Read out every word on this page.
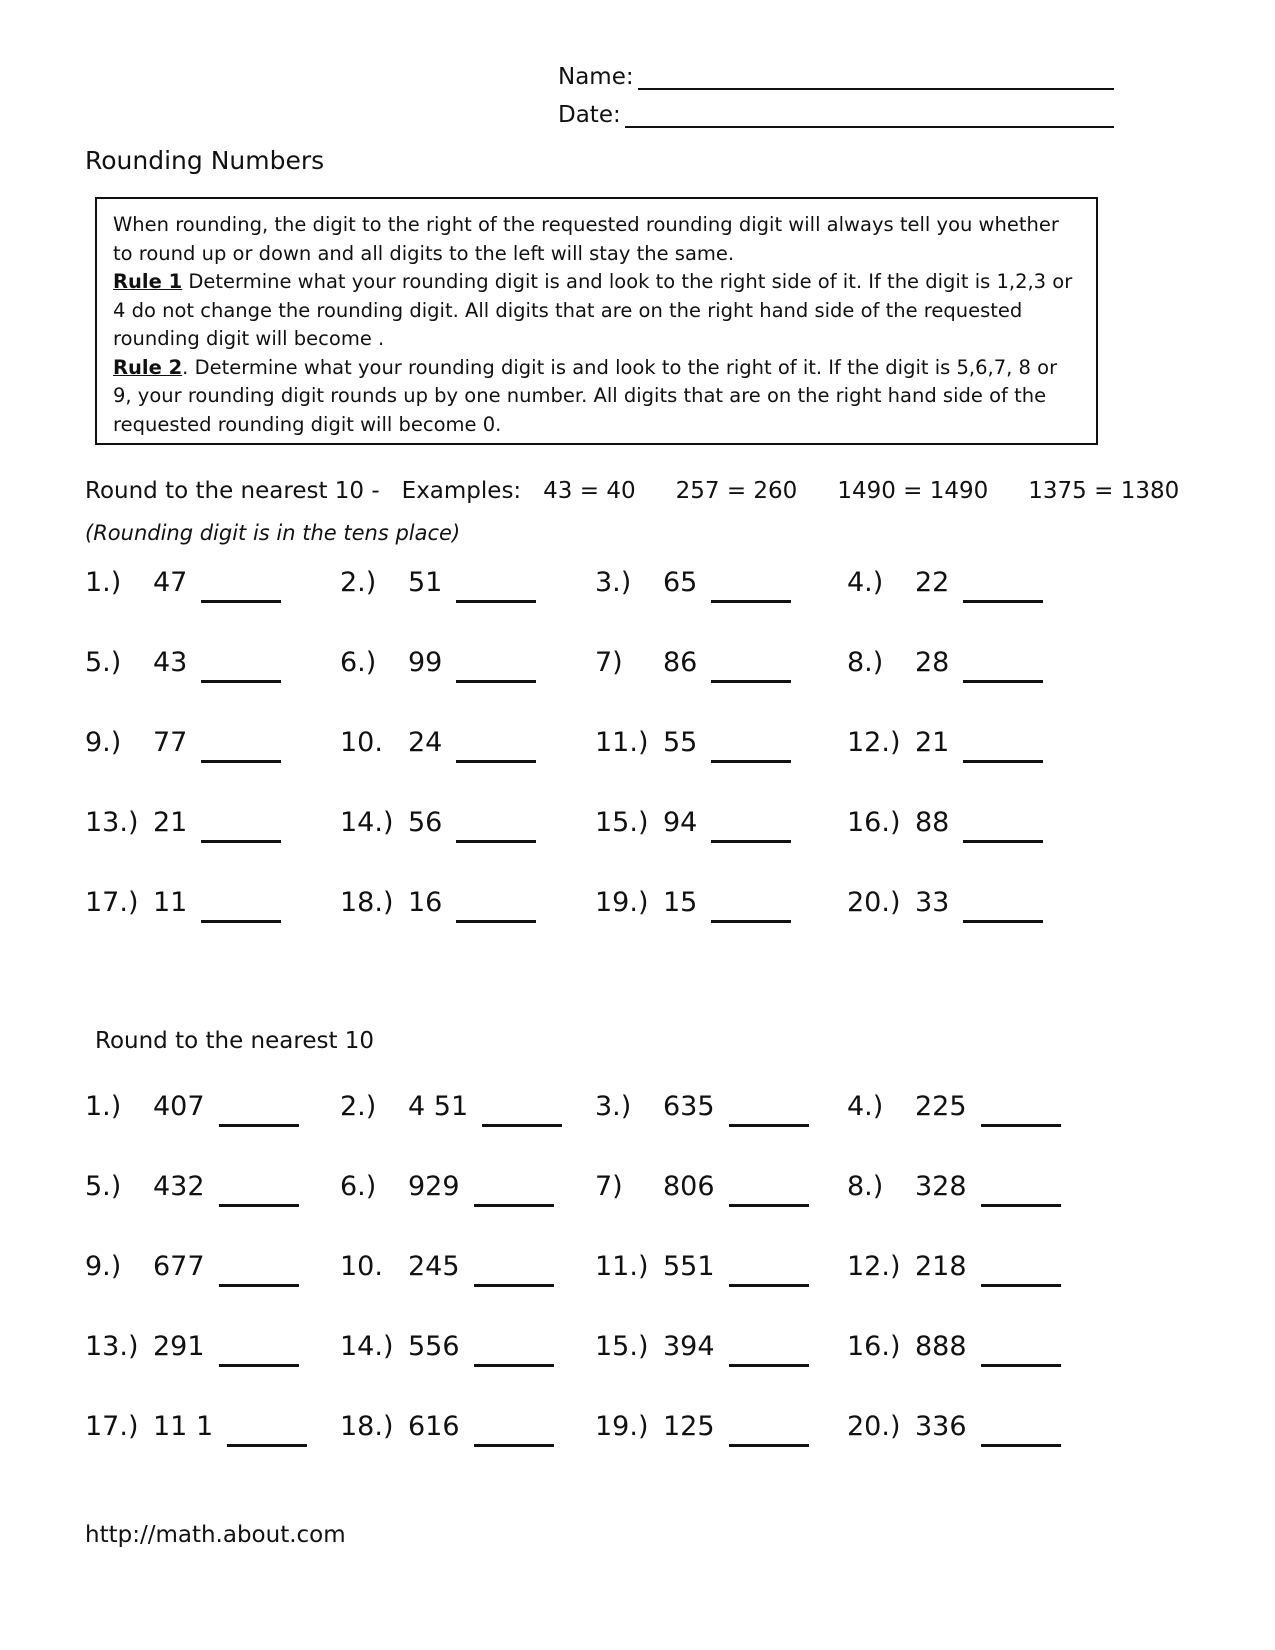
Name:
Date:
Rounding Numbers
When rounding, the digit to the right of the requested rounding digit will always tell you whether to round up or down and all digits to the left will stay the same.
Rule 1 Determine what your rounding digit is and look to the right side of it. If the digit is 1,2,3 or 4 do not change the rounding digit. All digits that are on the right hand side of the requested rounding digit will become .
Rule 2. Determine what your rounding digit is and look to the right of it. If the digit is 5,6,7, 8 or 9, your rounding digit rounds up by one number. All digits that are on the right hand side of the requested rounding digit will become 0.
Round to the nearest 10 - Examples: 43 = 40 257 = 260 1490 = 1490 1375 = 1380
(Rounding digit is in the tens place)
1.)	47	2.)	51	3.)	65	4.)	22
5.)	43	6.)	99	7)	86	8.)	28
9.)	77	10. 24	11.) 55	12.) 21
13.) 21	14.) 56	15.) 94	16.) 88
17.) 11	18.) 16	19.) 15	20.) 33
Round to the nearest 10
1.)	407	2.)	4 51	3.)	635	4.)	225
5.)	432	6.)	929	7)	806	8.)	328
9.)	677	10. 245	11.) 551	12.) 218
13.) 291	14.) 556	15.) 394	16.) 888
17.) 11 1	18.) 616	19.) 125	20.) 336
http://math.about.com
